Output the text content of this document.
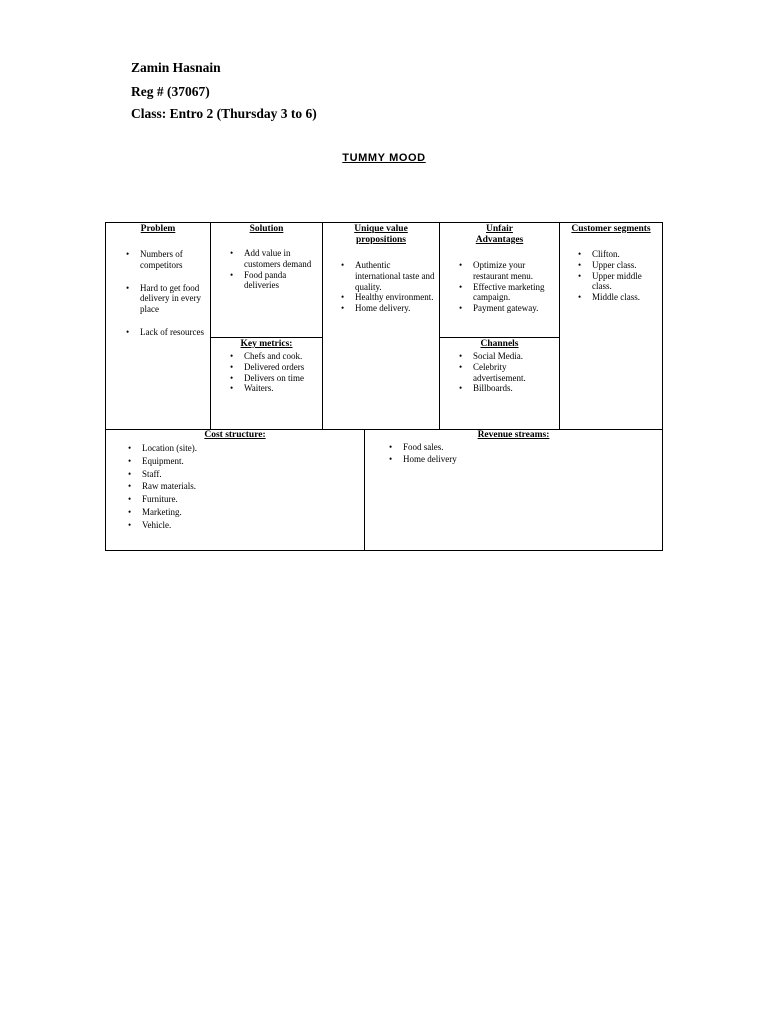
Zamin Hasnain
Reg # (37067)
Class: Entro 2 (Thursday 3 to 6)
TUMMY MOOD

Problem

• Numbers of competitors
• Hard to get food delivery in every place
• Lack of resources

Solution

• Add value in customers demand
• Food panda deliveries

Key metrics:

• Chefs and cook.
• Delivered orders
• Delivers on time
• Waiters.

Unique value propositions

• Authentic international taste and quality.
• Healthy environment.
• Home delivery.

Unfair Advantages

• Optimize your restaurant menu.
• Effective marketing campaign.
• Payment gateway.

Channels

• Social Media.
• Celebrity advertisement.
• Billboards.

Customer segments

• Clifton.
• Upper class.
• Upper middle class.
• Middle class.

Cost structure:

• Location (site).
• Equipment.
• Staff.
• Raw materials.
• Furniture.
• Marketing.
• Vehicle.

Revenue streams:

• Food sales.
• Home delivery
